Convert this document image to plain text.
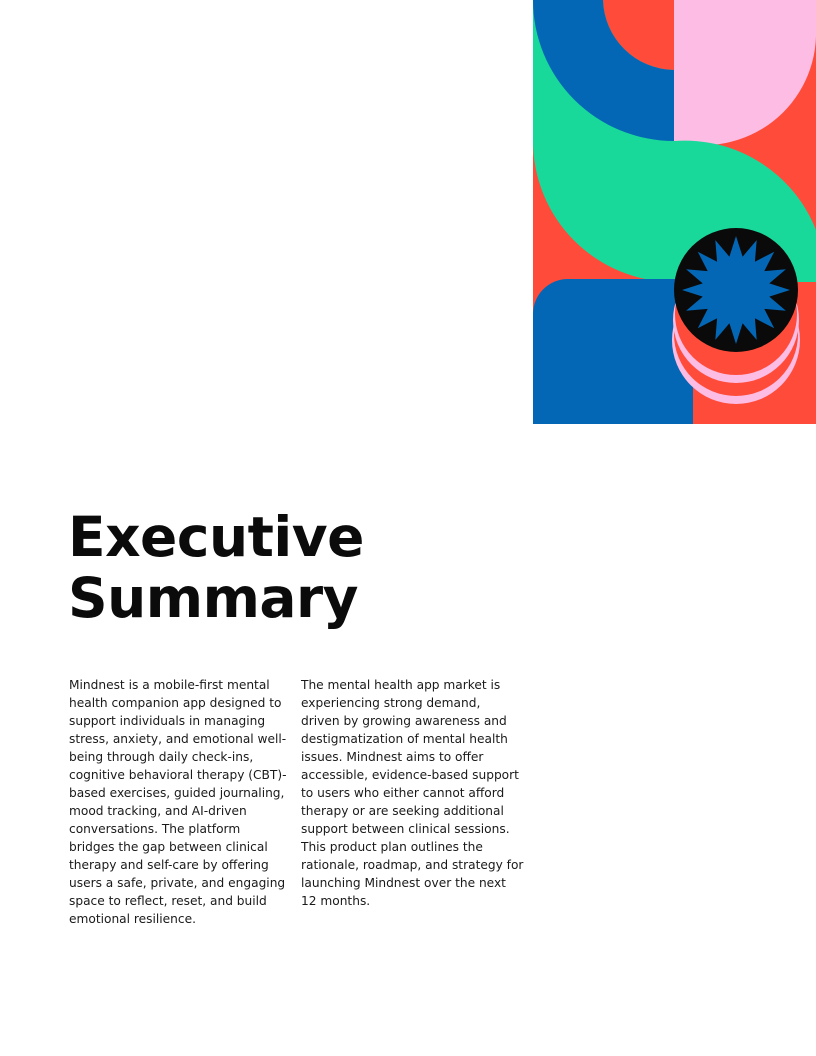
Executive
Summary

Mindnest is a mobile-first mental
health companion app designed to
support individuals in managing
stress, anxiety, and emotional well-
being through daily check-ins,
cognitive behavioral therapy (CBT)-
based exercises, guided journaling,
mood tracking, and AI-driven
conversations. The platform
bridges the gap between clinical
therapy and self-care by offering
users a safe, private, and engaging
space to reflect, reset, and build
emotional resilience.

The mental health app market is
experiencing strong demand,
driven by growing awareness and
destigmatization of mental health
issues. Mindnest aims to offer
accessible, evidence-based support
to users who either cannot afford
therapy or are seeking additional
support between clinical sessions.
This product plan outlines the
rationale, roadmap, and strategy for
launching Mindnest over the next
12 months.
